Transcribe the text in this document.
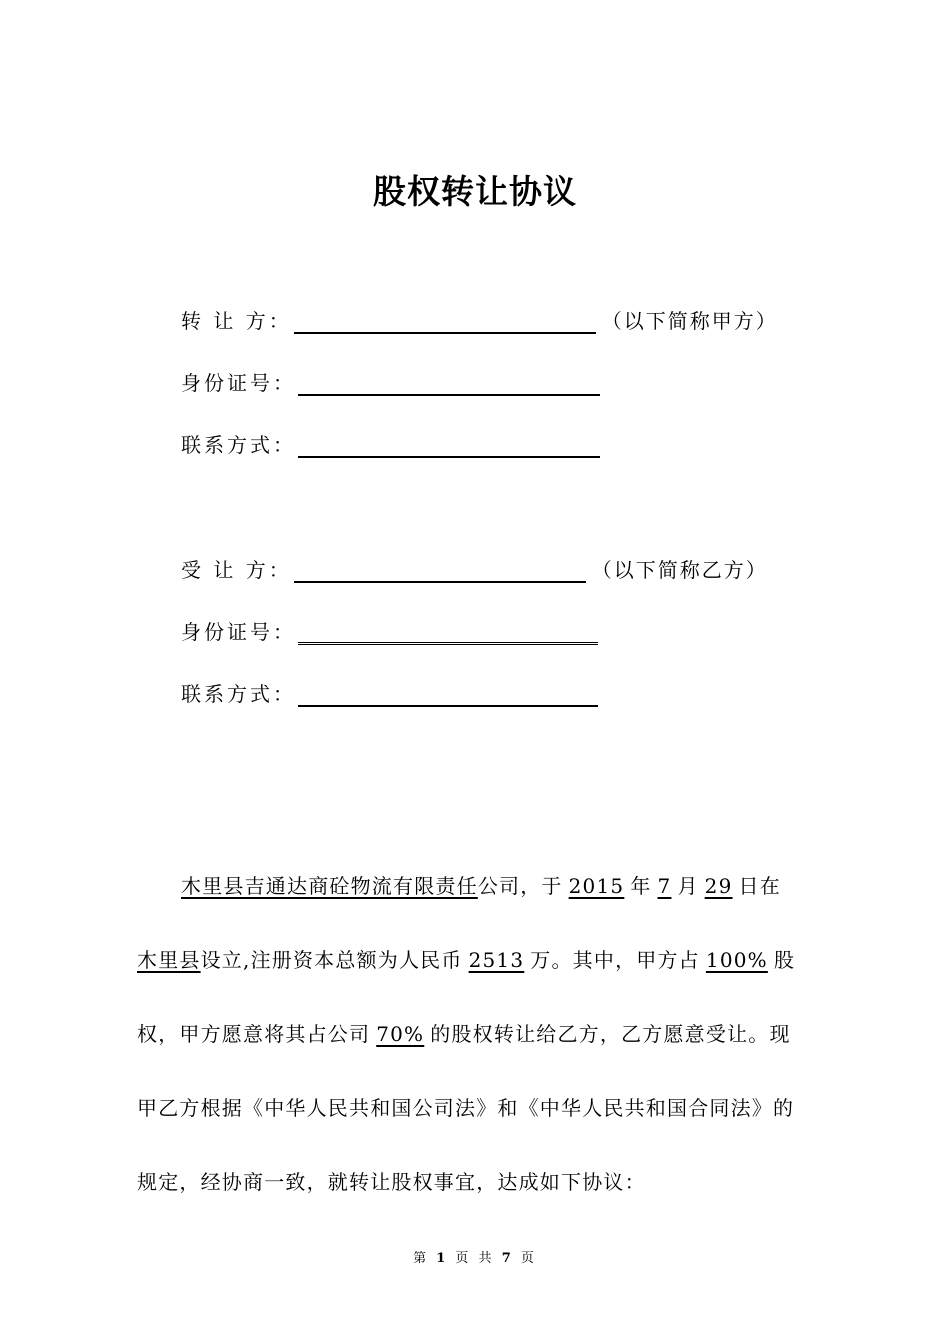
股权转让协议
转 让 方：	（以下简称甲方）
身份证号：
联系方式：
受 让 方：	（以下简称乙方）
身份证号：
联系方式：
木里县吉通达商砼物流有限责任公司，于 2015 年 7 月 29 日在
木里县设立,注册资本总额为人民币 2513 万。其中，甲方占 100% 股
权，甲方愿意将其占公司 70% 的股权转让给乙方，乙方愿意受让。现
甲乙方根据《中华人民共和国公司法》和《中华人民共和国合同法》的
规定，经协商一致，就转让股权事宜，达成如下协议：
第 1 页 共 7 页
